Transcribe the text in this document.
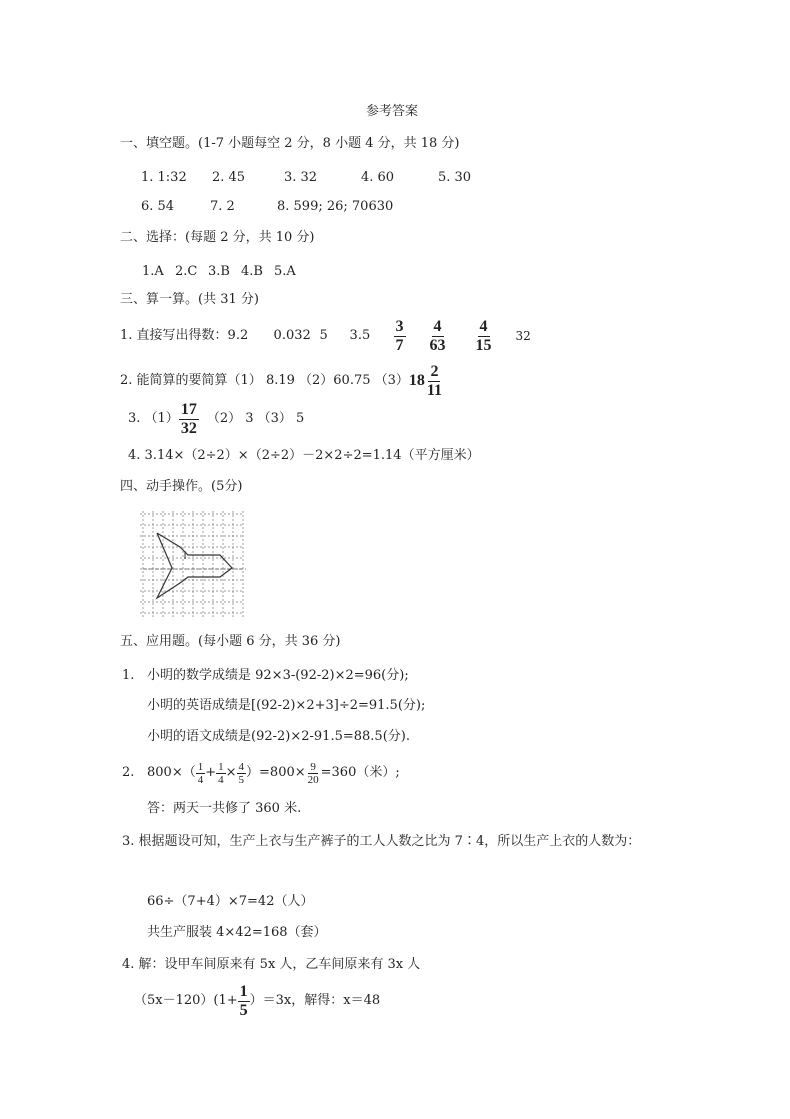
参考答案
一、填空题。(1-7 小题每空 2 分，8 小题 4 分，共 18 分)
1. 1:32 2. 45	3. 32	4. 60	5. 30
6. 54	7. 2	8. 599; 26; 70630
二、选择：(每题 2 分，共 10 分)
1.A 2.C 3.B 4.B 5.A
三、算一算。(共 31 分)
1. 直接写出得数： 9.2	0.032 5	3.5	$\frac{3}{7} \frac{4}{63} \frac{4}{15} 32$
2. 能简算的要简算（1） 8.19 （2）60.75 （3） $18 \frac{2}{11}$
3. $(1) \frac{17}{32} (2)$ 3 （3） 5
4. 3.14×（2÷2）×（2÷2）－2×2÷2=1.14（平方厘米）
四、动手操作。(5分)
五、应用题。(每小题 6 分，共 36 分)
1. 小明的数学成绩是 92×3-(92-2)×2=96(分);
小明的英语成绩是[(92-2)×2+3]÷2=91.5(分);
小明的语文成绩是(92-2)×2-91.5=88.5(分).
2. $800\times( \frac{1}{4} + \frac{1}{4} \times \frac{4}{5} )=800\times \frac{9}{20} =360$（米）;
答：两天一共修了 360 米.
3. 根据题设可知，生产上衣与生产裤子的工人人数之比为 7∶4，所以生产上衣的人数为：
66÷（7+4）×7=42（人）
共生产服装 4×42=168（套）
4. 解：设甲车间原来有 5x 人，乙车间原来有 3x 人
$(5x-120)(1+ \frac{1}{5} )=3x$，解得：x＝48
